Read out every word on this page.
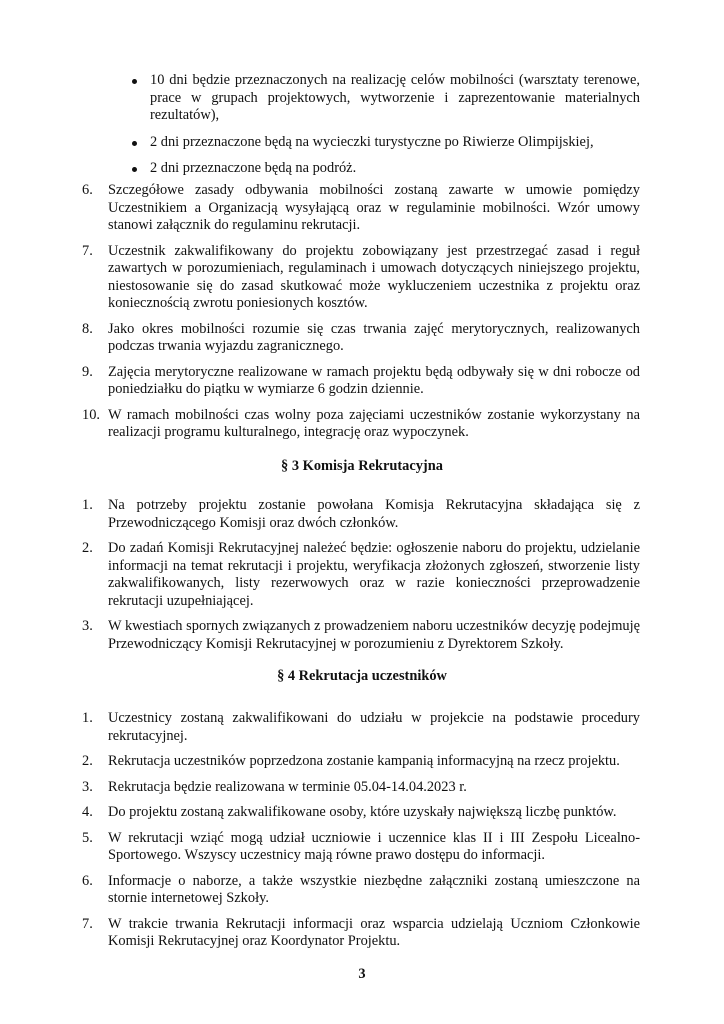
10 dni będzie przeznaczonych na realizację celów mobilności (warsztaty terenowe, prace w grupach projektowych, wytworzenie i zaprezentowanie materialnych rezultatów),
2 dni przeznaczone będą na wycieczki turystyczne po Riwierze Olimpijskiej,
2 dni przeznaczone będą na podróż.
6. Szczegółowe zasady odbywania mobilności zostaną zawarte w umowie pomiędzy Uczestnikiem a Organizacją wysyłającą oraz w regulaminie mobilności. Wzór umowy stanowi załącznik do regulaminu rekrutacji.
7. Uczestnik zakwalifikowany do projektu zobowiązany jest przestrzegać zasad i reguł zawartych w porozumieniach, regulaminach i umowach dotyczących niniejszego projektu, niestosowanie się do zasad skutkować może wykluczeniem uczestnika z projektu oraz koniecznością zwrotu poniesionych kosztów.
8. Jako okres mobilności rozumie się czas trwania zajęć merytorycznych, realizowanych podczas trwania wyjazdu zagranicznego.
9. Zajęcia merytoryczne realizowane w ramach projektu będą odbywały się w dni robocze od poniedziałku do piątku w wymiarze 6 godzin dziennie.
10. W ramach mobilności czas wolny poza zajęciami uczestników zostanie wykorzystany na realizacji programu kulturalnego, integrację oraz wypoczynek.
§ 3 Komisja Rekrutacyjna
1. Na potrzeby projektu zostanie powołana Komisja Rekrutacyjna składająca się z Przewodniczącego Komisji oraz dwóch członków.
2. Do zadań Komisji Rekrutacyjnej należeć będzie: ogłoszenie naboru do projektu, udzielanie informacji na temat rekrutacji i projektu, weryfikacja złożonych zgłoszeń, stworzenie listy zakwalifikowanych, listy rezerwowych oraz w razie konieczności przeprowadzenie rekrutacji uzupełniającej.
3. W kwestiach spornych związanych z prowadzeniem naboru uczestników decyzję podejmuję Przewodniczący Komisji Rekrutacyjnej w porozumieniu z Dyrektorem Szkoły.
§ 4 Rekrutacja uczestników
1. Uczestnicy zostaną zakwalifikowani do udziału w projekcie na podstawie procedury rekrutacyjnej.
2. Rekrutacja uczestników poprzedzona zostanie kampanią informacyjną na rzecz projektu.
3. Rekrutacja będzie realizowana w terminie 05.04-14.04.2023 r.
4. Do projektu zostaną zakwalifikowane osoby, które uzyskały największą liczbę punktów.
5. W rekrutacji wziąć mogą udział uczniowie i uczennice klas II i III Zespołu Licealno-Sportowego. Wszyscy uczestnicy mają równe prawo dostępu do informacji.
6. Informacje o naborze, a także wszystkie niezbędne załączniki zostaną umieszczone na stornie internetowej Szkoły.
7. W trakcie trwania Rekrutacji informacji oraz wsparcia udzielają Uczniom Członkowie Komisji Rekrutacyjnej oraz Koordynator Projektu.
3
